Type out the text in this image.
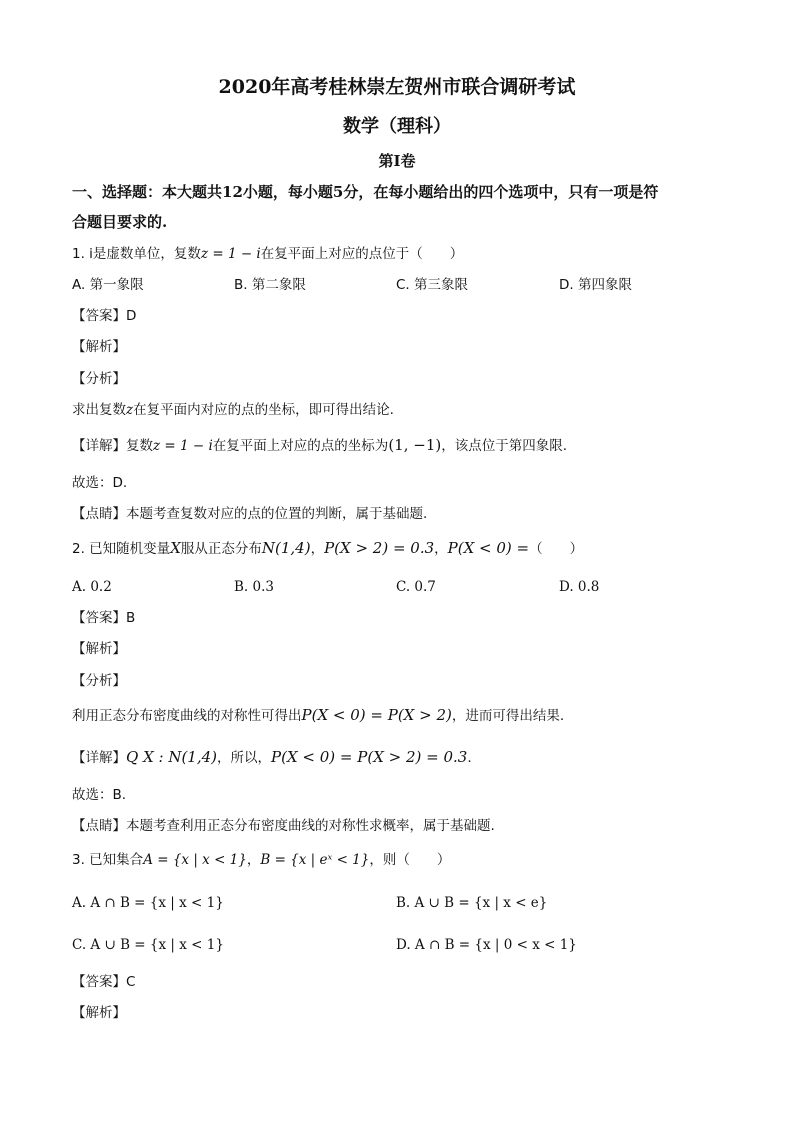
2020年高考桂林崇左贺州市联合调研考试
数学（理科）
第I卷
一、选择题：本大题共12小题，每小题5分，在每小题给出的四个选项中，只有一项是符
合题目要求的.
1. i是虚数单位，复数z = 1 − i在复平面上对应的点位于（　　）
A. 第一象限	B. 第二象限	C. 第三象限	D. 第四象限
【答案】D
【解析】
【分析】
求出复数z在复平面内对应的点的坐标，即可得出结论.
【详解】复数z = 1 − i在复平面上对应的点的坐标为(1, −1)，该点位于第四象限.
故选：D.
【点睛】本题考查复数对应的点的位置的判断，属于基础题.
2. 已知随机变量X服从正态分布N(1,4)，P(X > 2) = 0.3，P(X < 0) =（　　）
A. 0.2	B. 0.3	C. 0.7	D. 0.8
【答案】B
【解析】
【分析】
利用正态分布密度曲线的对称性可得出P(X < 0) = P(X > 2)，进而可得出结果.
【详解】Q X : N(1,4)，所以，P(X < 0) = P(X > 2) = 0.3.
故选：B.
【点睛】本题考查利用正态分布密度曲线的对称性求概率，属于基础题.
3. 已知集合A = {x | x < 1}，B = {x | eˣ < 1}，则（　　）
A. A ∩ B = {x | x < 1}	B. A ∪ B = {x | x < e}
C. A ∪ B = {x | x < 1}	D. A ∩ B = {x | 0 < x < 1}
【答案】C
【解析】
